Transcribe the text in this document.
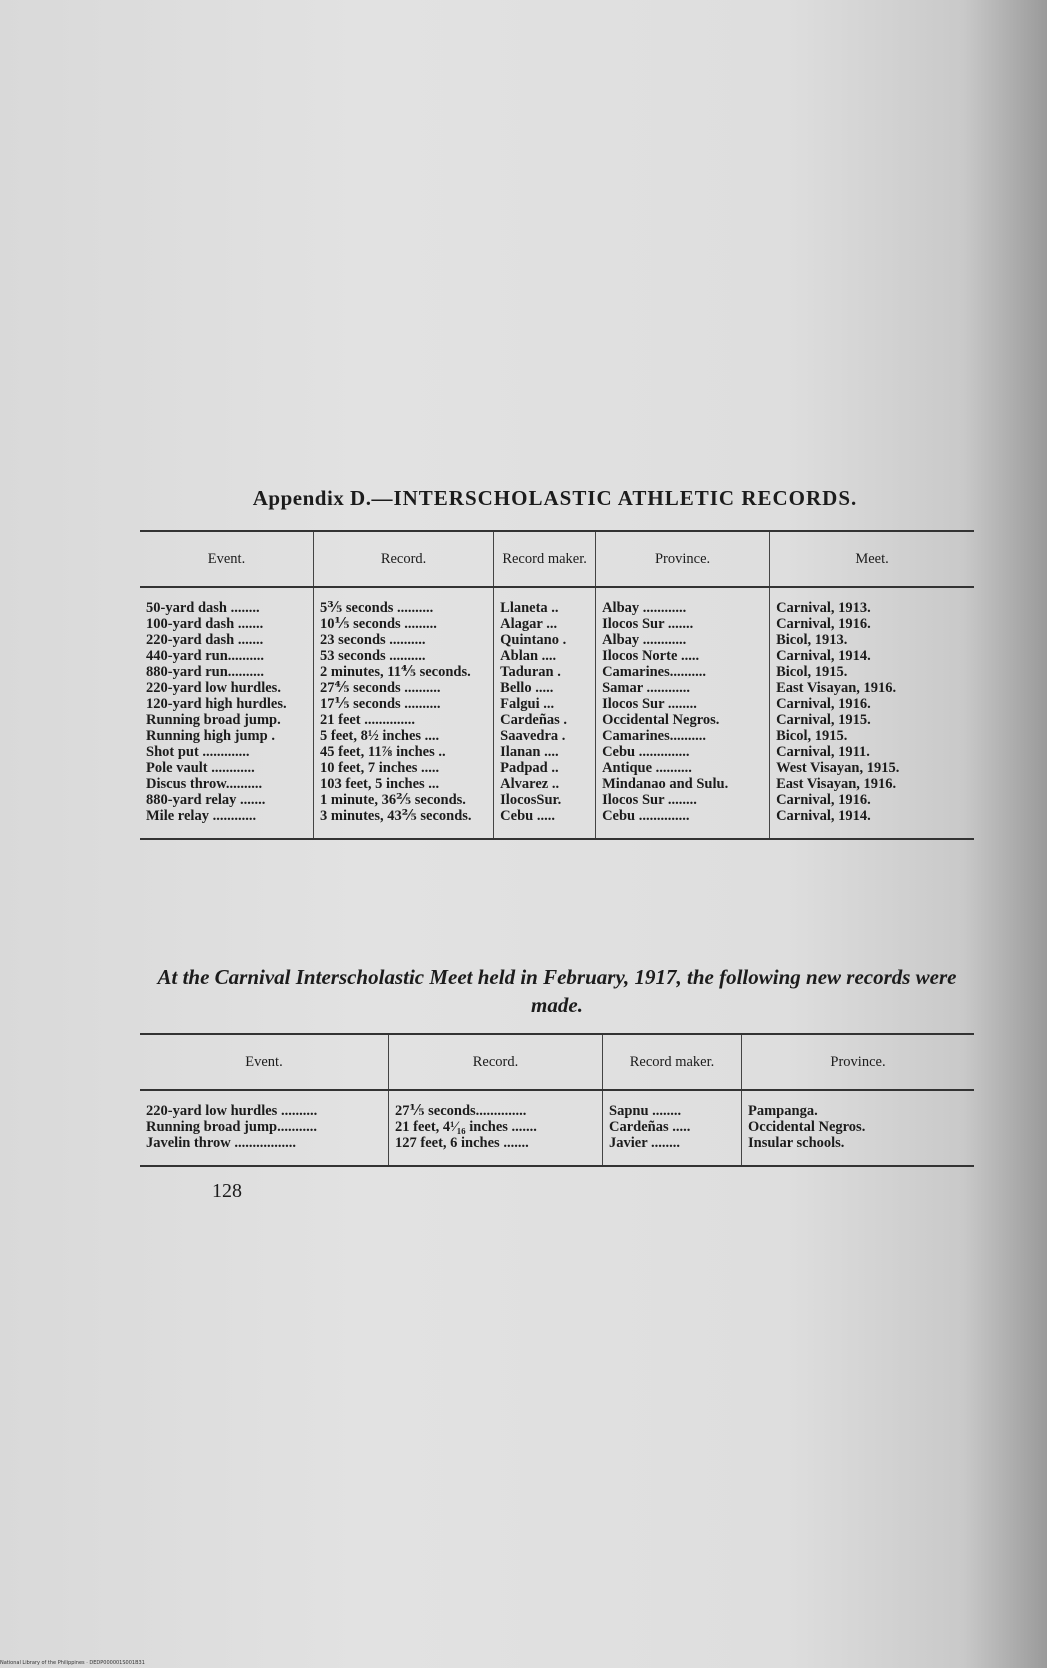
Appendix D.—INTERSCHOLASTIC ATHLETIC RECORDS.
Event.	Record.	Record maker.	Province.	Meet.

50-yard dash ........	5⅗ seconds ..........	Llaneta ..	Albay ............	Carnival, 1913.
100-yard dash .......	10⅕ seconds .........	Alagar ...	Ilocos Sur .......	Carnival, 1916.
220-yard dash .......	23 seconds ..........	Quintano .	Albay ............	Bicol, 1913.
440-yard run..........	53 seconds ..........	Ablan ....	Ilocos Norte .....	Carnival, 1914.
880-yard run..........	2 minutes, 11⅘ seconds.	Taduran .	Camarines..........	Bicol, 1915.
220-yard low hurdles.	27⅘ seconds ..........	Bello .....	Samar ............	East Visayan, 1916.
120-yard high hurdles.	17⅕ seconds ..........	Falgui ...	Ilocos Sur ........	Carnival, 1916.
Running broad jump.	21 feet ..............	Cardeñas .	Occidental Negros.	Carnival, 1915.
Running high jump .	5 feet, 8½ inches ....	Saavedra .	Camarines..........	Bicol, 1915.
Shot put .............	45 feet, 11⅞ inches ..	Ilanan ....	Cebu ..............	Carnival, 1911.
Pole vault ............	10 feet, 7 inches .....	Padpad ..	Antique ..........	West Visayan, 1915.
Discus throw..........	103 feet, 5 inches ...	Alvarez ..	Mindanao and Sulu.	East Visayan, 1916.
880-yard relay .......	1 minute, 36⅖ seconds.	IlocosSur.	Ilocos Sur ........	Carnival, 1916.
Mile relay ............	3 minutes, 43⅖ seconds.	Cebu .....	Cebu ..............	Carnival, 1914.
At the Carnival Interscholastic Meet held in February, 1917, the following new records were made.
Event.	Record.	Record maker.	Province.

220-yard low hurdles ..........	27⅕ seconds..............	Sapnu ........	Pampanga.
Running broad jump...........	21 feet, 4¹⁄₁₆ inches .......	Cardeñas .....	Occidental Negros.
Javelin throw .................	127 feet, 6 inches .......	Javier ........	Insular schools.
128
National Library of the Philippines · DEDP000001S001B31
